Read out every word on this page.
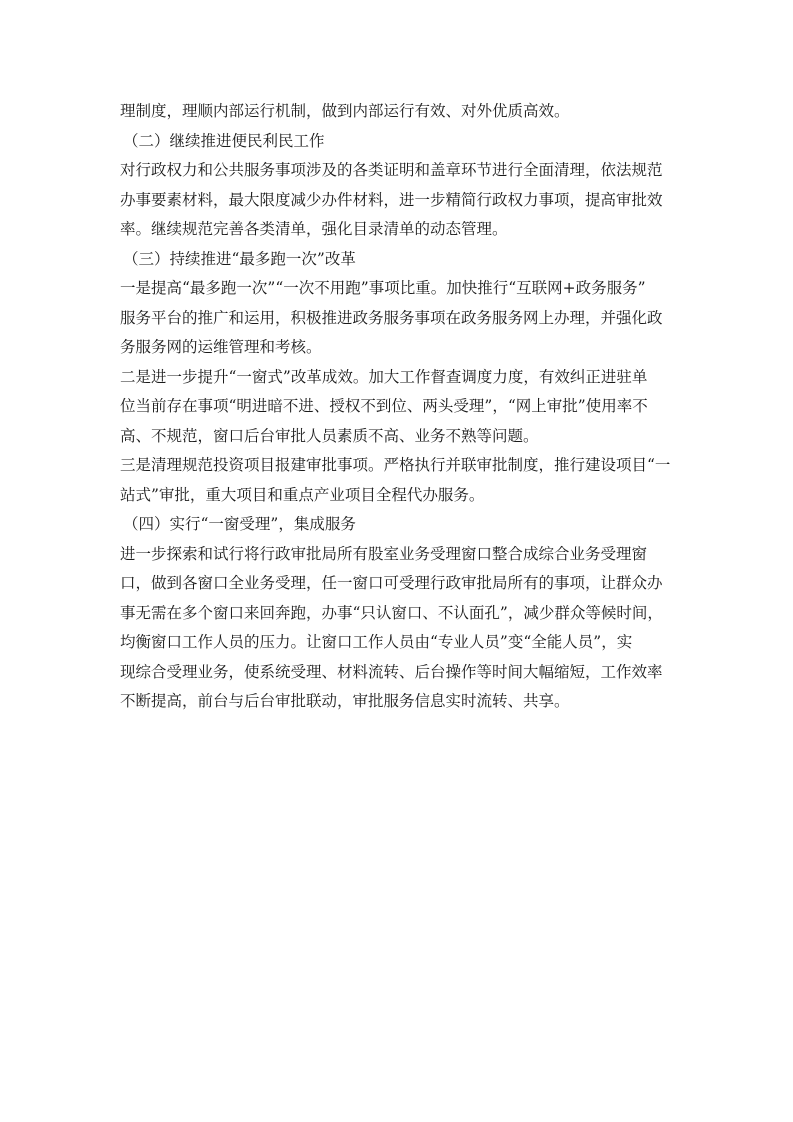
理制度，理顺内部运行机制，做到内部运行有效、对外优质高效。
（二）继续推进便民利民工作
对行政权力和公共服务事项涉及的各类证明和盖章环节进行全面清理，依法规范
办事要素材料，最大限度减少办件材料，进一步精简行政权力事项，提高审批效
率。继续规范完善各类清单，强化目录清单的动态管理。
（三）持续推进“最多跑一次”改革
一是提高“最多跑一次”“一次不用跑”事项比重。加快推行“互联网+政务服务”
服务平台的推广和运用，积极推进政务服务事项在政务服务网上办理，并强化政
务服务网的运维管理和考核。
二是进一步提升“一窗式”改革成效。加大工作督查调度力度，有效纠正进驻单
位当前存在事项“明进暗不进、授权不到位、两头受理”，“网上审批”使用率不
高、不规范，窗口后台审批人员素质不高、业务不熟等问题。
三是清理规范投资项目报建审批事项。严格执行并联审批制度，推行建设项目“一
站式”审批，重大项目和重点产业项目全程代办服务。
（四）实行“一窗受理”，集成服务
进一步探索和试行将行政审批局所有股室业务受理窗口整合成综合业务受理窗
口，做到各窗口全业务受理，任一窗口可受理行政审批局所有的事项，让群众办
事无需在多个窗口来回奔跑，办事“只认窗口、不认面孔”，减少群众等候时间，
均衡窗口工作人员的压力。让窗口工作人员由“专业人员”变“全能人员”，实
现综合受理业务，使系统受理、材料流转、后台操作等时间大幅缩短，工作效率
不断提高，前台与后台审批联动，审批服务信息实时流转、共享。
